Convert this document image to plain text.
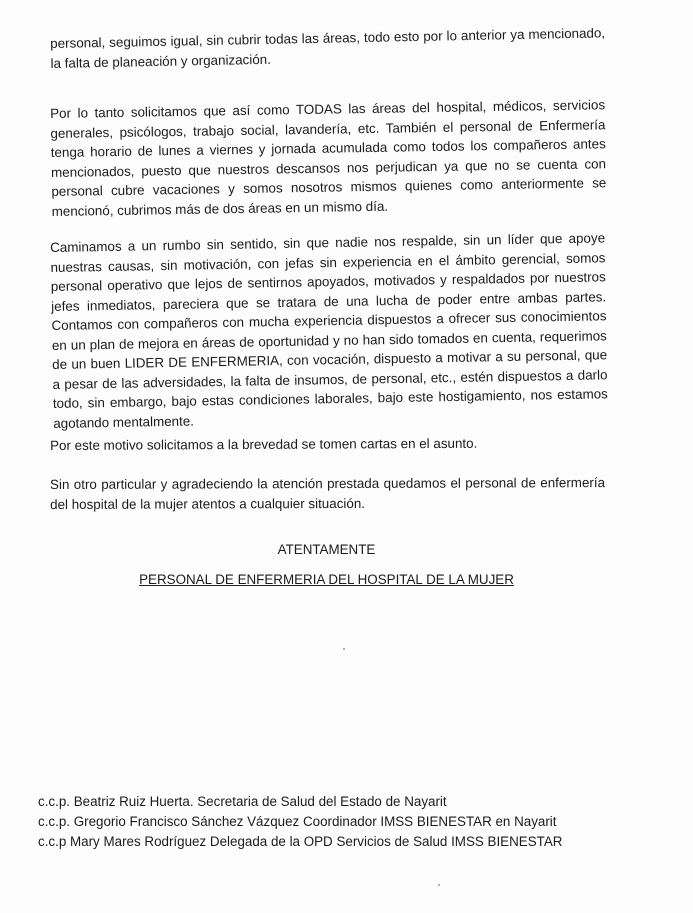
personal, seguimos igual, sin cubrir todas las áreas, todo esto por lo anterior ya mencionado, la falta de planeación y organización.

Por lo tanto solicitamos que así como TODAS las áreas del hospital, médicos, servicios generales, psicólogos, trabajo social, lavandería, etc. También el personal de Enfermería tenga horario de lunes a viernes y jornada acumulada como todos los compañeros antes mencionados, puesto que nuestros descansos nos perjudican ya que no se cuenta con personal cubre vacaciones y somos nosotros mismos quienes como anteriormente se mencionó, cubrimos más de dos áreas en un mismo día.

Caminamos a un rumbo sin sentido, sin que nadie nos respalde, sin un líder que apoye nuestras causas, sin motivación, con jefas sin experiencia en el ámbito gerencial, somos personal operativo que lejos de sentirnos apoyados, motivados y respaldados por nuestros jefes inmediatos, pareciera que se tratara de una lucha de poder entre ambas partes. Contamos con compañeros con mucha experiencia dispuestos a ofrecer sus conocimientos en un plan de mejora en áreas de oportunidad y no han sido tomados en cuenta, requerimos de un buen LIDER DE ENFERMERIA, con vocación, dispuesto a motivar a su personal, que a pesar de las adversidades, la falta de insumos, de personal, etc., estén dispuestos a darlo todo, sin embargo, bajo estas condiciones laborales, bajo este hostigamiento, nos estamos agotando mentalmente.

Por este motivo solicitamos a la brevedad se tomen cartas en el asunto.

Sin otro particular y agradeciendo la atención prestada quedamos el personal de enfermería del hospital de la mujer atentos a cualquier situación.

ATENTAMENTE

PERSONAL DE ENFERMERIA DEL HOSPITAL DE LA MUJER

c.c.p. Beatriz Ruiz Huerta. Secretaria de Salud del Estado de Nayarit
c.c.p. Gregorio Francisco Sánchez Vázquez Coordinador IMSS BIENESTAR en Nayarit
c.c.p Mary Mares Rodríguez Delegada de la OPD Servicios de Salud IMSS BIENESTAR
